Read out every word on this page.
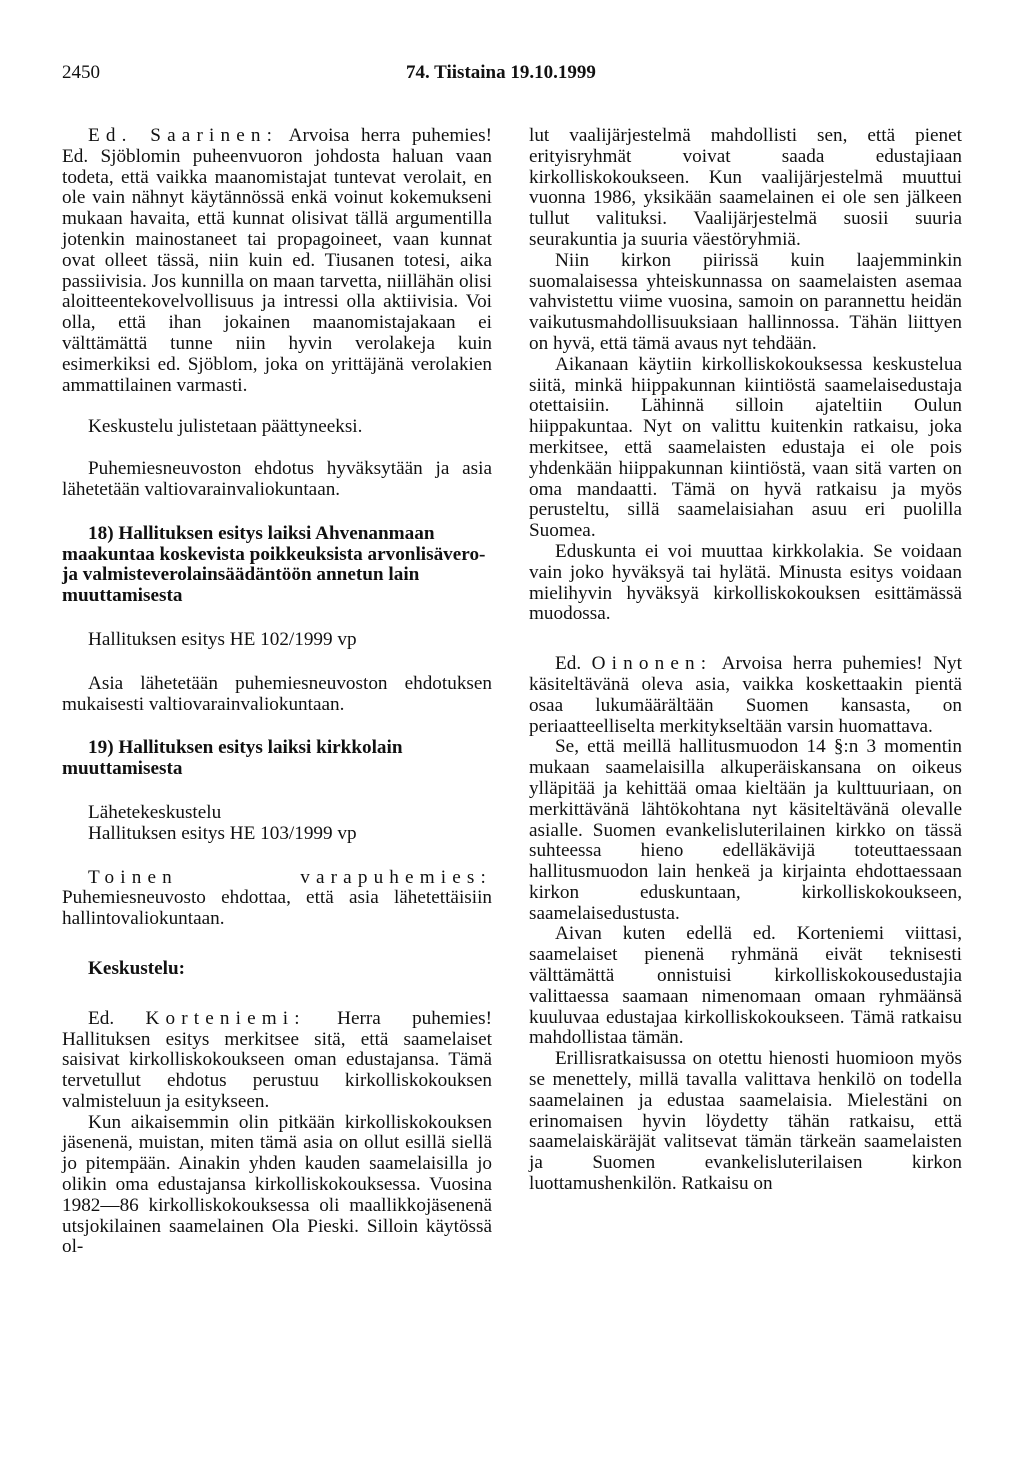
2450	74. Tiistaina 19.10.1999

Ed. Saarinen: Arvoisa herra puhemies! Ed. Sjöblomin puheenvuoron johdosta haluan vaan todeta, että vaikka maanomistajat tuntevat verolait, en ole vain nähnyt käytännössä enkä voinut kokemukseni mukaan havaita, että kunnat olisivat tällä argumentilla jotenkin mainostaneet tai propagoineet, vaan kunnat ovat olleet tässä, niin kuin ed. Tiusanen totesi, aika passiivisia. Jos kunnilla on maan tarvetta, niillähän olisi aloitteentekovelvollisuus ja intressi olla aktiivisia. Voi olla, että ihan jokainen maanomistajakaan ei välttämättä tunne niin hyvin verolakeja kuin esimerkiksi ed. Sjöblom, joka on yrittäjänä verolakien ammattilainen varmasti.

Keskustelu julistetaan päättyneeksi.

Puhemiesneuvoston ehdotus hyväksytään ja asia lähetetään valtiovarainvaliokuntaan.

18) Hallituksen esitys laiksi Ahvenanmaan maakuntaa koskevista poikkeuksista arvonlisävero- ja valmisteverolainsäädäntöön annetun lain muuttamisesta

Hallituksen esitys HE 102/1999 vp

Asia lähetetään puhemiesneuvoston ehdotuksen mukaisesti valtiovarainvaliokuntaan.

19) Hallituksen esitys laiksi kirkkolain muuttamisesta

Lähetekeskustelu

Hallituksen esitys HE 103/1999 vp

Toinen varapuhemies: Puhemiesneuvosto ehdottaa, että asia lähetettäisiin hallintovaliokuntaan.

Keskustelu:

Ed. Korteniemi: Herra puhemies! Hallituksen esitys merkitsee sitä, että saamelaiset saisivat kirkolliskokoukseen oman edustajansa. Tämä tervetullut ehdotus perustuu kirkolliskokouksen valmisteluun ja esitykseen.

Kun aikaisemmin olin pitkään kirkolliskokouksen jäsenenä, muistan, miten tämä asia on ollut esillä siellä jo pitempään. Ainakin yhden kauden saamelaisilla jo olikin oma edustajansa kirkolliskokouksessa. Vuosina 1982—86 kirkolliskokouksessa oli maallikkojäsenenä utsjokilainen saamelainen Ola Pieski. Silloin käytössä ol-

lut vaalijärjestelmä mahdollisti sen, että pienet erityisryhmät voivat saada edustajiaan kirkolliskokoukseen. Kun vaalijärjestelmä muuttui vuonna 1986, yksikään saamelainen ei ole sen jälkeen tullut valituksi. Vaalijärjestelmä suosii suuria seurakuntia ja suuria väestöryhmiä.

Niin kirkon piirissä kuin laajemminkin suomalaisessa yhteiskunnassa on saamelaisten asemaa vahvistettu viime vuosina, samoin on parannettu heidän vaikutusmahdollisuuksiaan hallinnossa. Tähän liittyen on hyvä, että tämä avaus nyt tehdään.

Aikanaan käytiin kirkolliskokouksessa keskustelua siitä, minkä hiippakunnan kiintiöstä saamelaisedustaja otettaisiin. Lähinnä silloin ajateltiin Oulun hiippakuntaa. Nyt on valittu kuitenkin ratkaisu, joka merkitsee, että saamelaisten edustaja ei ole pois yhdenkään hiippakunnan kiintiöstä, vaan sitä varten on oma mandaatti. Tämä on hyvä ratkaisu ja myös perusteltu, sillä saamelaisiahan asuu eri puolilla Suomea.

Eduskunta ei voi muuttaa kirkkolakia. Se voidaan vain joko hyväksyä tai hylätä. Minusta esitys voidaan mielihyvin hyväksyä kirkolliskokouksen esittämässä muodossa.

Ed. Oinonen: Arvoisa herra puhemies! Nyt käsiteltävänä oleva asia, vaikka koskettaakin pientä osaa lukumäärältään Suomen kansasta, on periaatteelliselta merkitykseltään varsin huomattava.

Se, että meillä hallitusmuodon 14 §:n 3 momentin mukaan saamelaisilla alkuperäiskansana on oikeus ylläpitää ja kehittää omaa kieltään ja kulttuuriaan, on merkittävänä lähtökohtana nyt käsiteltävänä olevalle asialle. Suomen evankelisluterilainen kirkko on tässä suhteessa hieno edelläkävijä toteuttaessaan hallitusmuodon lain henkeä ja kirjainta ehdottaessaan kirkon eduskuntaan, kirkolliskokoukseen, saamelaisedustusta.

Aivan kuten edellä ed. Korteniemi viittasi, saamelaiset pienenä ryhmänä eivät teknisesti välttämättä onnistuisi kirkolliskokousedustajia valittaessa saamaan nimenomaan omaan ryhmäänsä kuuluvaa edustajaa kirkolliskokoukseen. Tämä ratkaisu mahdollistaa tämän.

Erillisratkaisussa on otettu hienosti huomioon myös se menettely, millä tavalla valittava henkilö on todella saamelainen ja edustaa saamelaisia. Mielestäni on erinomaisen hyvin löydetty tähän ratkaisu, että saamelaiskäräjät valitsevat tämän tärkeän saamelaisten ja Suomen evankelisluterilaisen kirkon luottamushenkilön. Ratkaisu on
